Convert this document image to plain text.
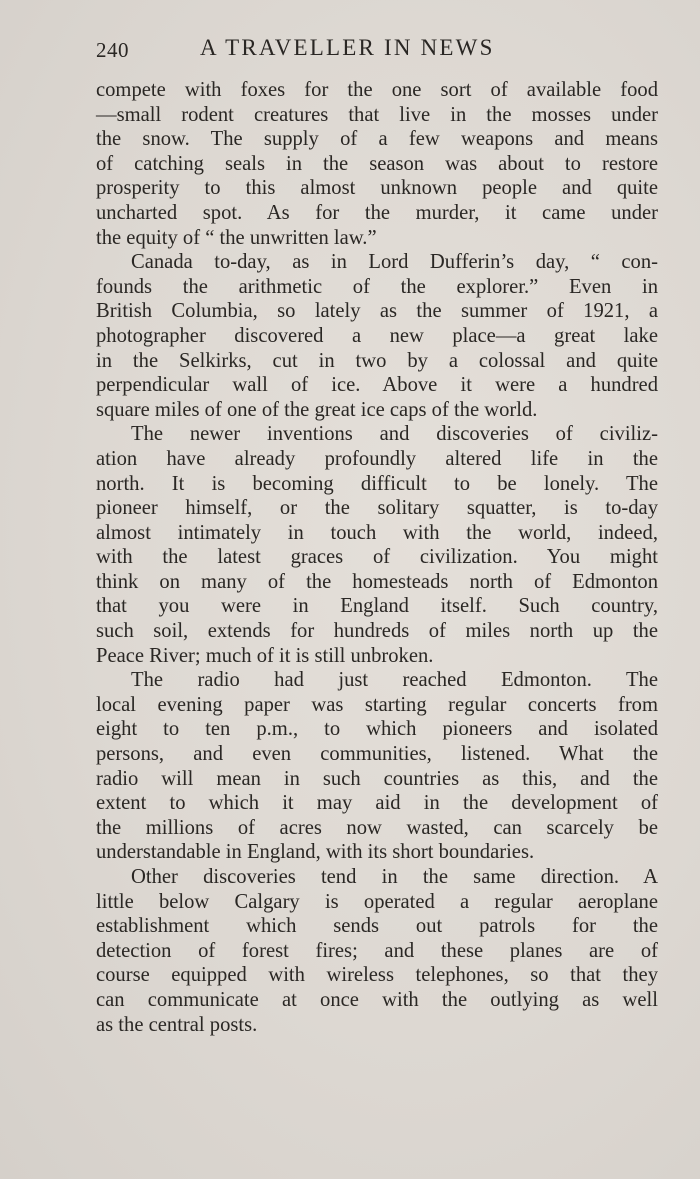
240	A TRAVELLER IN NEWS
compete with foxes for the one sort of available food
—small rodent creatures that live in the mosses under
the snow. The supply of a few weapons and means
of catching seals in the season was about to restore
prosperity to this almost unknown people and quite
uncharted spot. As for the murder, it came under
the equity of “ the unwritten law.”
Canada to-day, as in Lord Dufferin’s day, “ con-
founds the arithmetic of the explorer.” Even in
British Columbia, so lately as the summer of 1921, a
photographer discovered a new place—a great lake
in the Selkirks, cut in two by a colossal and quite
perpendicular wall of ice. Above it were a hundred
square miles of one of the great ice caps of the world.
The newer inventions and discoveries of civiliz-
ation have already profoundly altered life in the
north. It is becoming difficult to be lonely. The
pioneer himself, or the solitary squatter, is to-day
almost intimately in touch with the world, indeed,
with the latest graces of civilization. You might
think on many of the homesteads north of Edmonton
that you were in England itself. Such country,
such soil, extends for hundreds of miles north up the
Peace River; much of it is still unbroken.
The radio had just reached Edmonton. The
local evening paper was starting regular concerts from
eight to ten p.m., to which pioneers and isolated
persons, and even communities, listened. What the
radio will mean in such countries as this, and the
extent to which it may aid in the development of
the millions of acres now wasted, can scarcely be
understandable in England, with its short boundaries.
Other discoveries tend in the same direction. A
little below Calgary is operated a regular aeroplane
establishment which sends out patrols for the
detection of forest fires; and these planes are of
course equipped with wireless telephones, so that they
can communicate at once with the outlying as well
as the central posts.
